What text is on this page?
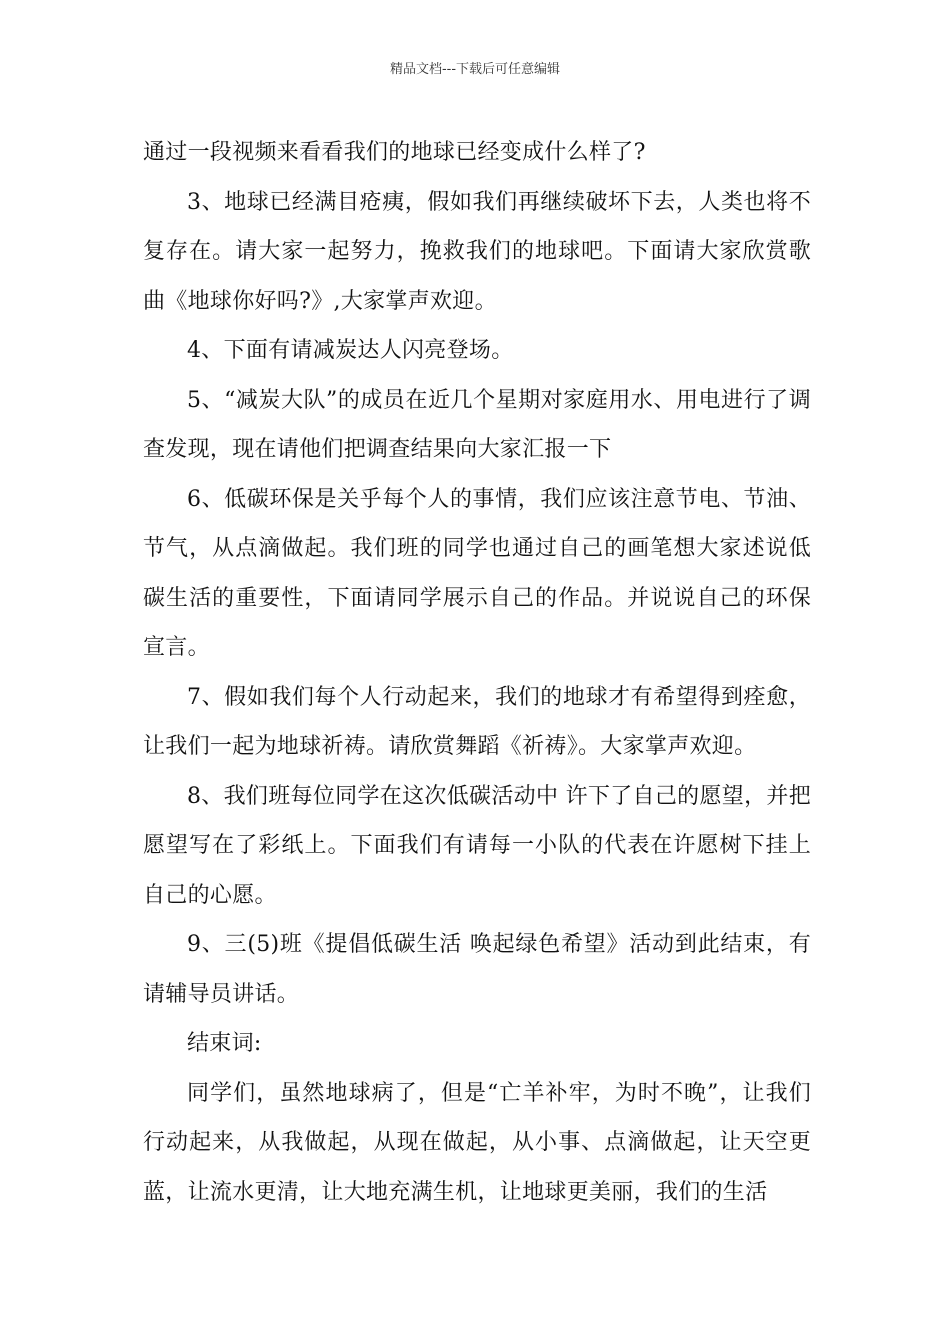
精品文档---下载后可任意编辑

通过一段视频来看看我们的地球已经变成什么样了?

3、地球已经满目疮痍，假如我们再继续破坏下去，人类也将不复存在。请大家一起努力，挽救我们的地球吧。下面请大家欣赏歌曲《地球你好吗?》,大家掌声欢迎。

4、下面有请减炭达人闪亮登场。

5、“减炭大队”的成员在近几个星期对家庭用水、用电进行了调查发现，现在请他们把调查结果向大家汇报一下

6、低碳环保是关乎每个人的事情，我们应该注意节电、节油、节气，从点滴做起。我们班的同学也通过自己的画笔想大家述说低碳生活的重要性，下面请同学展示自己的作品。并说说自己的环保宣言。

7、假如我们每个人行动起来，我们的地球才有希望得到痊愈，让我们一起为地球祈祷。请欣赏舞蹈《祈祷》。大家掌声欢迎。

8、我们班每位同学在这次低碳活动中 许下了自己的愿望，并把愿望写在了彩纸上。下面我们有请每一小队的代表在许愿树下挂上自己的心愿。

9、三(5)班《提倡低碳生活 唤起绿色希望》活动到此结束，有请辅导员讲话。

结束词:

同学们，虽然地球病了，但是“亡羊补牢，为时不晚”，让我们行动起来，从我做起，从现在做起，从小事、点滴做起，让天空更蓝，让流水更清，让大地充满生机，让地球更美丽，我们的生活
